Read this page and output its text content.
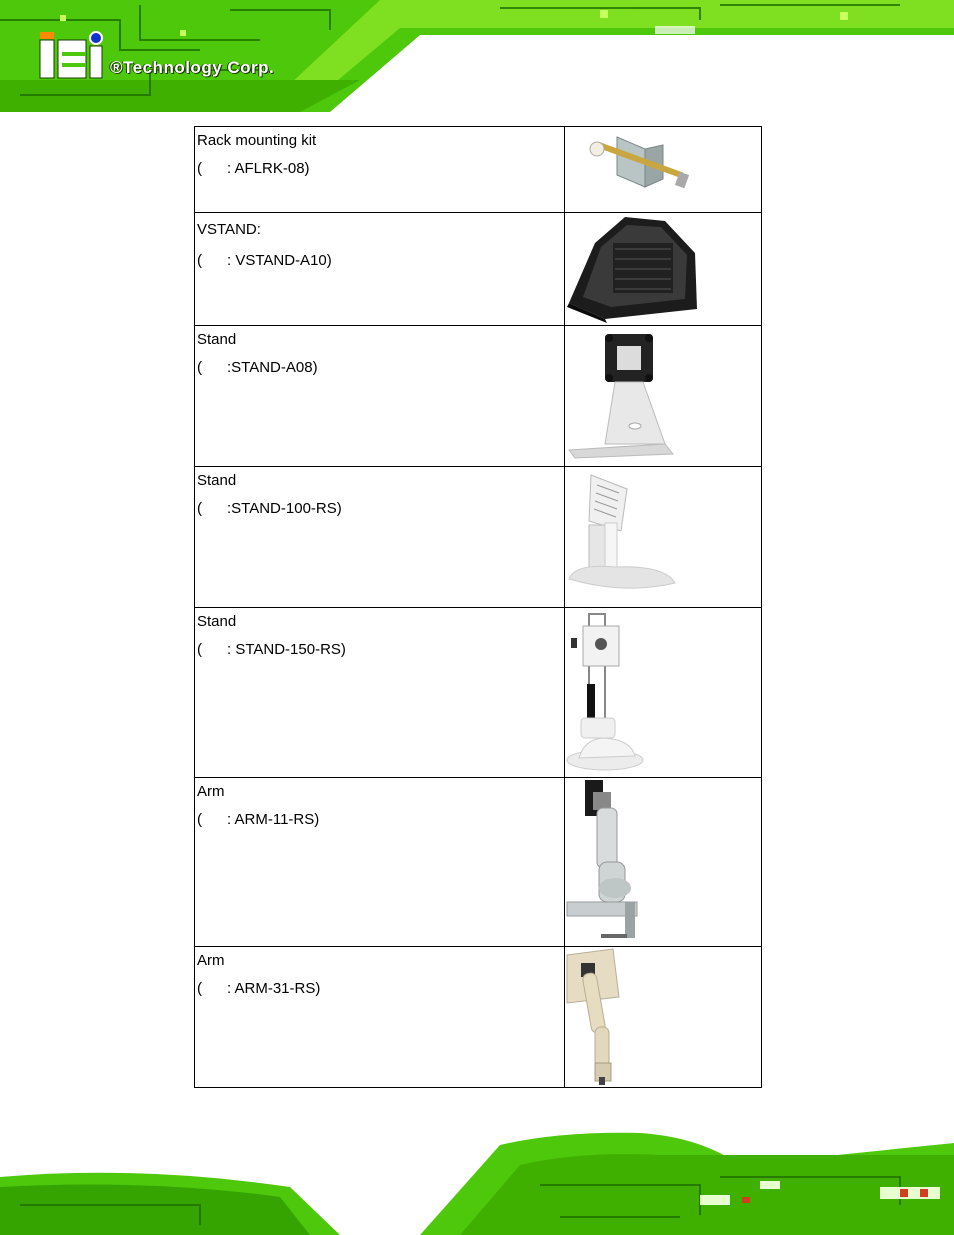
®Technology Corp.
Rack mounting kit
( : AFLRK-08)

VSTAND:
( : VSTAND-A10)

Stand
( :STAND-A08)

Stand
( :STAND-100-RS)

Stand
( : STAND-150-RS)

Arm
( : ARM-11-RS)

Arm
( : ARM-31-RS)
